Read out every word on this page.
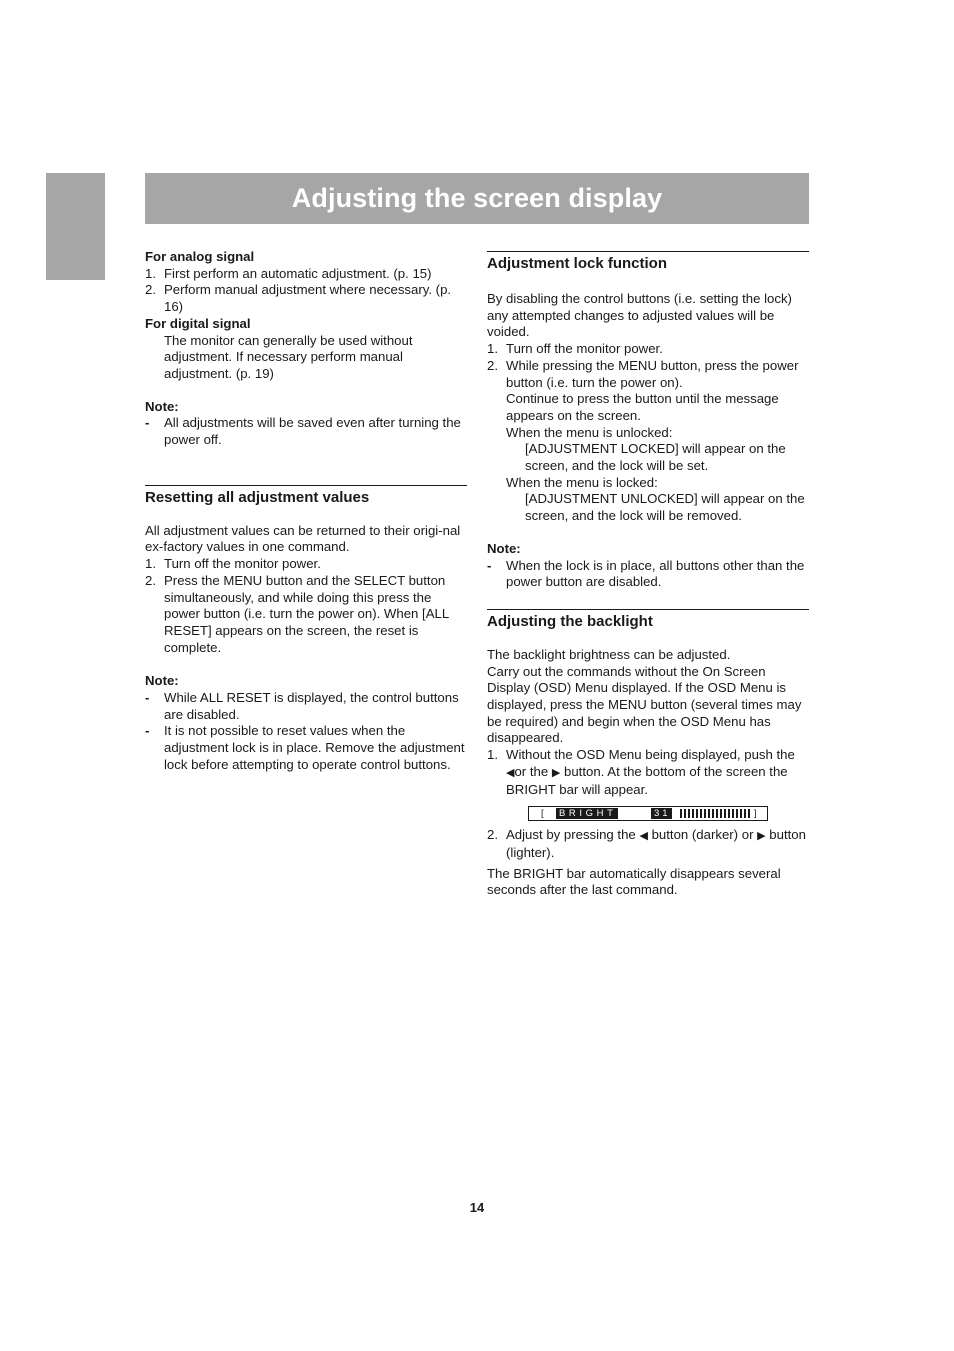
Adjusting the screen display

For analog signal

1. First perform an automatic adjustment. (p. 15)
2. Perform manual adjustment where necessary. (p. 16)

For digital signal

The monitor can generally be used without adjustment. If necessary perform manual adjustment. (p. 19)

Note:

- All adjustments will be saved even after turning the power off.

Resetting all adjustment values

All adjustment values can be returned to their origi-nal ex-factory values in one command.

1. Turn off the monitor power.
2. Press the MENU button and the SELECT button simultaneously, and while doing this press the power button (i.e. turn the power on). When [ALL RESET] appears on the screen, the reset is complete.

Note:

- While ALL RESET is displayed, the control buttons are disabled.
- It is not possible to reset values when the adjustment lock is in place. Remove the adjustment lock before attempting to operate control buttons.

Adjustment lock function

By disabling the control buttons (i.e. setting the lock) any attempted changes to adjusted values will be voided.

1. Turn off the monitor power.
2. While pressing the MENU button, press the power button (i.e. turn the power on).

Continue to press the button until the message appears on the screen.

When the menu is unlocked:

[ADJUSTMENT LOCKED] will appear on the screen, and the lock will be set.

When the menu is locked:

[ADJUSTMENT UNLOCKED] will appear on the screen, and the lock will be removed.

Note:

- When the lock is in place, all buttons other than the power button are disabled.

Adjusting the backlight

The backlight brightness can be adjusted.
Carry out the commands without the On Screen Display (OSD) Menu displayed. If the OSD Menu is displayed, press the MENU button (several times may be required) and begin when the OSD Menu has disappeared.

1. Without the OSD Menu being displayed, push the ◀or the ▶ button. At the bottom of the screen the BRIGHT bar will appear.
[	BRIGHT	31	]
2. Adjust by pressing the ◀ button (darker) or ▶ button (lighter).

The BRIGHT bar automatically disappears several seconds after the last command.

14
